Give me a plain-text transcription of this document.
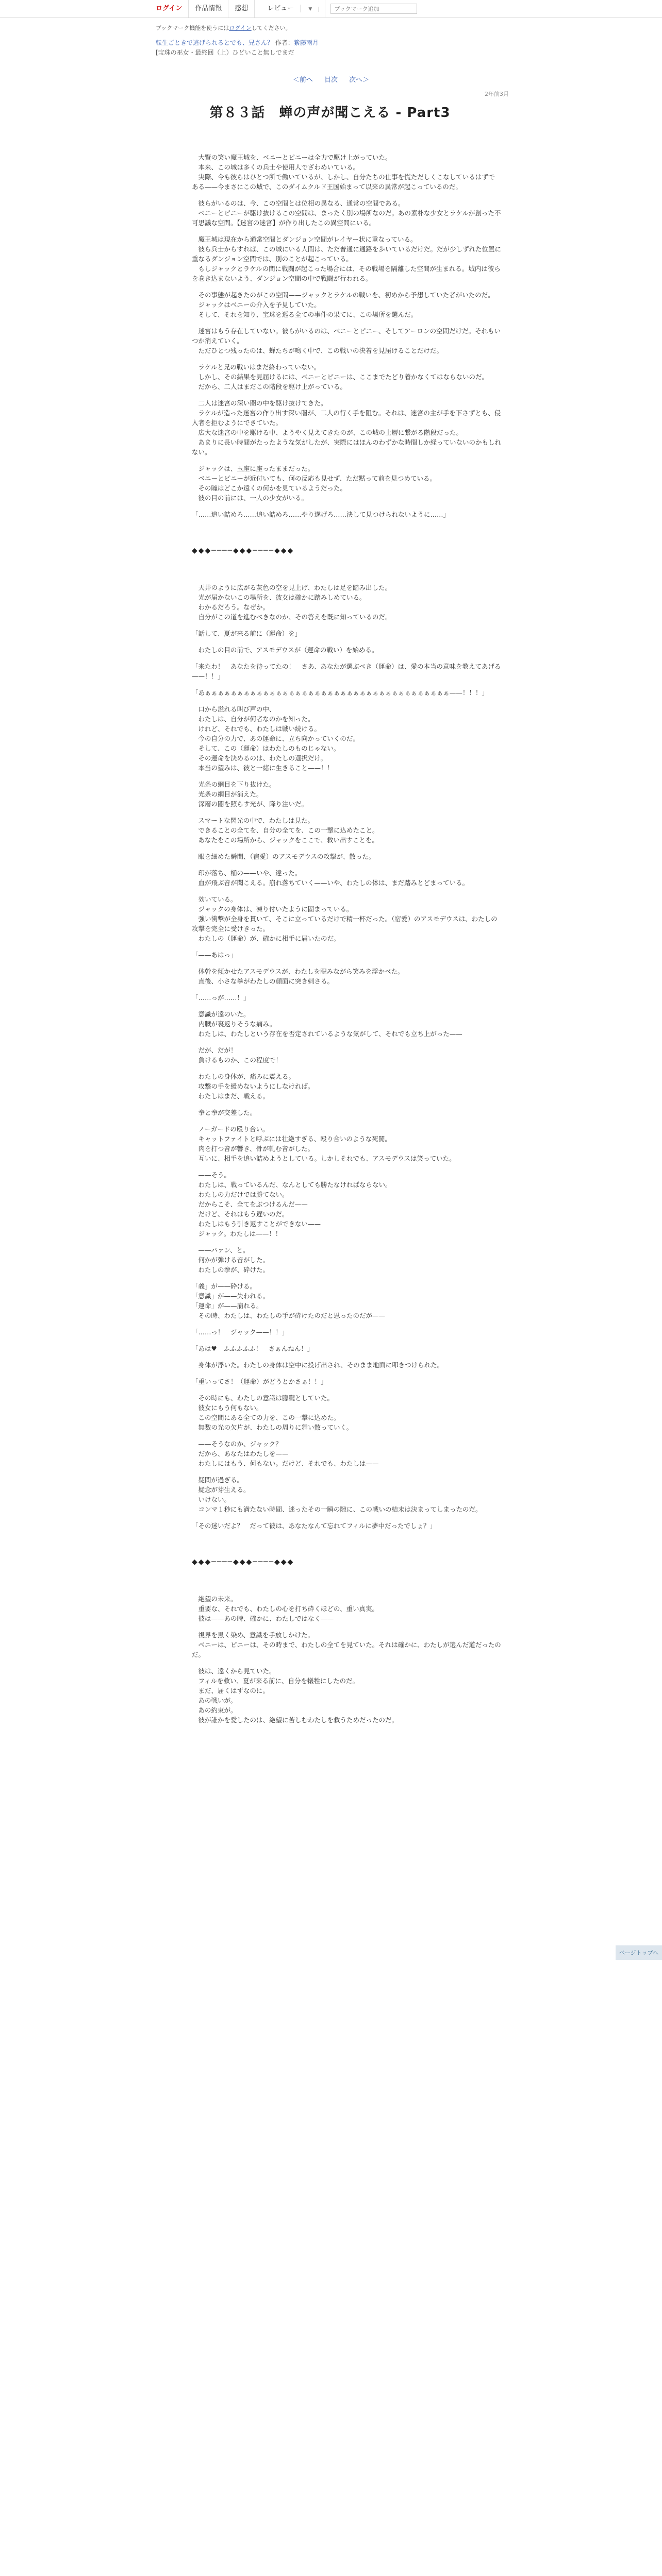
ログイン	作品情報	感想	レビュー	▼
ブックマーク追加
ブックマーク機能を使うにはログインしてください。
転生ごときで逃げられるとでも、兄さん？ 作者：紫藤雨月
[宝珠の巫女・最終回（上）ひどいこと無しでまだ
＜前へ 目次 次へ＞
2年前3月
第８３話　蝉の声が聞こえる - Part3

　大賢の笑い魔王城を、ベニーとピニーは全力で駆け上がっていた。
　本来、この城は多くの兵士や使用人でざわめいている。
　実際、今も彼らはひとつ所で働いているが、しかし、自分たちの仕事を慌ただしくこなしているはずである——今まさにこの城で、このダイムクルド王国始まって以来の異常が起こっているのだ。

　彼らがいるのは、今、この空間とは位相の異なる、通常の空間である。
　ベニーとピニーが駆け抜けるこの空間は、まったく別の場所なのだ。あの素朴な少女とラケルが創った不可思議な空間。【迷宮の迷宮】が作り出したこの異空間にいる。

　魔王城は現在から通常空間とダンジョン空間がレイヤー状に重なっている。
　彼ら兵士からすれば、この城にいる人間は、ただ普通に通路を歩いているだけだ。だが少しずれた位置に重なるダンジョン空間では、別のことが起こっている。
　もしジャックとラケルの間に戦闘が起こった場合には、その戦場を隔離した空間が生まれる。城内は彼らを巻き込まないよう、ダンジョン空間の中で戦闘が行われる。

　その事態が起きたのがこの空間——ジャックとラケルの戦いを、初めから予想していた者がいたのだ。
　ジャックはベニーの介入を予見していた。
　そして、それを知り、宝珠を巡る全ての事件の果てに、この場所を選んだ。

　迷宮はもう存在していない。彼らがいるのは、ベニーとピニー、そしてアーロンの空間だけだ。それもいつか消えていく。
　ただひとつ残ったのは、蝉たちが鳴く中で、この戦いの決着を見届けることだけだ。

　ラケルと兄の戦いはまだ終わっていない。
　しかし、その結果を見届けるには、ベニーとピニーは、ここまでたどり着かなくてはならないのだ。
　だから、二人はまだこの階段を駆け上がっている。

　二人は迷宮の深い闇の中を駆け抜けてきた。
　ラケルが造った迷宮の作り出す深い闇が、二人の行く手を阻む。それは、迷宮の主が手を下さずとも、侵入者を拒むようにできていた。
　広大な迷宮の中を駆ける中、ようやく見えてきたのが、この城の上層に繋がる階段だった。
　あまりに長い時間がたったような気がしたが、実際にはほんのわずかな時間しか経っていないのかもしれない。

　ジャックは、玉座に座ったままだった。
　ベニーとピニーが近付いても、何の反応も見せず、ただ黙って前を見つめている。
　その瞳はどこか遠くの何かを見ているようだった。
　彼の目の前には、一人の少女がいる。

「……追い詰めろ……追い詰めろ……やり遂げろ……決して見つけられないように……」

◆◆◆────◆◆◆────◆◆◆

　天井のように広がる灰色の空を見上げ、わたしは足を踏み出した。
　光が届かないこの場所を、彼女は確かに踏みしめている。
　わかるだろう。なぜか。
　自分がこの道を進むべきなのか、その答えを既に知っているのだ。

「話して、夏が来る前に（運命）を」

　わたしの目の前で、アスモデウスが（運命の戦い）を始める。

「来たわ！　あなたを待ってたの！　さあ、あなたが選ぶべき（運命）は、愛の本当の意味を教えてあげる——！！」

「あぁぁぁぁぁぁぁぁぁぁぁぁぁぁぁぁぁぁぁぁぁぁぁぁぁぁぁぁぁぁぁぁぁぁぁぁぁぁ——！！！」

　口から溢れる叫び声の中、
　わたしは、自分が何者なのかを知った。
　けれど、それでも、わたしは戦い続ける。
　今の自分の力で、あの運命に、立ち向かっていくのだ。
　そして、この（運命）はわたしのものじゃない。
　その運命を決めるのは、わたしの選択だけ。
　本当の望みは、彼と一緒に生きること——！！

　光条の網目を下り抜けた。
　光条の網目が消えた。
　深層の闇を照らす光が、降り注いだ。

　スマートな閃光の中で、わたしは見た。
　できることの全てを、自分の全てを、この一撃に込めたこと。
　あなたをこの場所から、ジャックをここで、救い出すことを。

　眼を細めた瞬間、（宿愛）のアスモデウスの攻撃が、散った。

　印が落ち、桶の——いや、違った。
　血が飛ぶ音が聞こえる。崩れ落ちていく——いや、わたしの体は、まだ踏みとどまっている。

　効いている。
　ジャックの身体は、凍り付いたように固まっている。
　強い衝撃が全身を貫いて、そこに立っているだけで精一杯だった。（宿愛）のアスモデウスは、わたしの攻撃を完全に受けきった。
　わたしの（運命）が、確かに相手に届いたのだ。

「——あはっ」

　体幹を傾かせたアスモデウスが、わたしを睨みながら笑みを浮かべた。
　直後、小さな拳がわたしの顔面に突き刺さる。

「……っが……！」

　意識が遠のいた。
　内臓が裏返りそうな痛み。
　わたしは、わたしという存在を否定されているような気がして、それでも立ち上がった——

　だが、だが！
　負けるものか、この程度で！

　わたしの身体が、痛みに震える。
　攻撃の手を緩めないようにしなければ。
　わたしはまだ、戦える。

　拳と拳が交差した。

　ノーガードの殴り合い。
　キャットファイトと呼ぶには壮絶すぎる、殴り合いのような死闘。
　肉を打つ音が響き、骨が軋む音がした。
　互いに、相手を追い詰めようとしている。しかしそれでも、アスモデウスは笑っていた。

　——そう。
　わたしは、戦っているんだ、なんとしても勝たなければならない。
　わたしの力だけでは勝てない。
　だからこそ、全てをぶつけるんだ——
　だけど、それはもう遅いのだ。
　わたしはもう引き返すことができない——
　ジャック。わたしは——！！

　——パァン、と。
　何かが弾ける音がした。
　わたしの拳が、砕けた。

「義」が——砕ける。
「意識」が——失われる。
「運命」が——崩れる。
　その時、わたしは、わたしの手が砕けたのだと思ったのだが——

「……っ！　ジャック——！！」

「あは♥　ふふふふふ！　さぁんねん！」

　身体が浮いた。わたしの身体は空中に投げ出され、そのまま地面に叩きつけられた。

「重いってさ！（運命）がどうとかさぁ！！」

　その時にも、わたしの意識は朦朧としていた。
　彼女にもう何もない。
　この空間にある全ての力を、この一撃に込めた。
　無数の光の欠片が、わたしの周りに舞い散っていく。

　——そうなのか、ジャック？
　だから、あなたはわたしを——
　わたしにはもう、何もない。だけど、それでも、わたしは——

　疑問が過ぎる。
　疑念が芽生える。
　いけない。
　コンマ１秒にも満たない時間、迷ったその一瞬の隙に、この戦いの結末は決まってしまったのだ。

「その迷いだよ？　だって彼は、あなたなんて忘れてフィルに夢中だったでしょ？」

◆◆◆────◆◆◆────◆◆◆

　絶望の未来。
　重要な、それでも、わたしの心を打ち砕くほどの、重い真実。
　彼は——あの時、確かに、わたしではなく——

　視界を黒く染め、意識を手放しかけた。
　ベニーは、ピニーは、その時まで、わたしの全てを見ていた。それは確かに、わたしが選んだ道だったのだ。

　彼は、遠くから見ていた。
　フィルを救い、夏が来る前に、自分を犠牲にしたのだ。
　まだ、届くはずなのに。
　あの戦いが。
　あの約束が。
　彼が誰かを愛したのは、絶望に苦しむわたしを救うためだったのだ。

ページトップへ
